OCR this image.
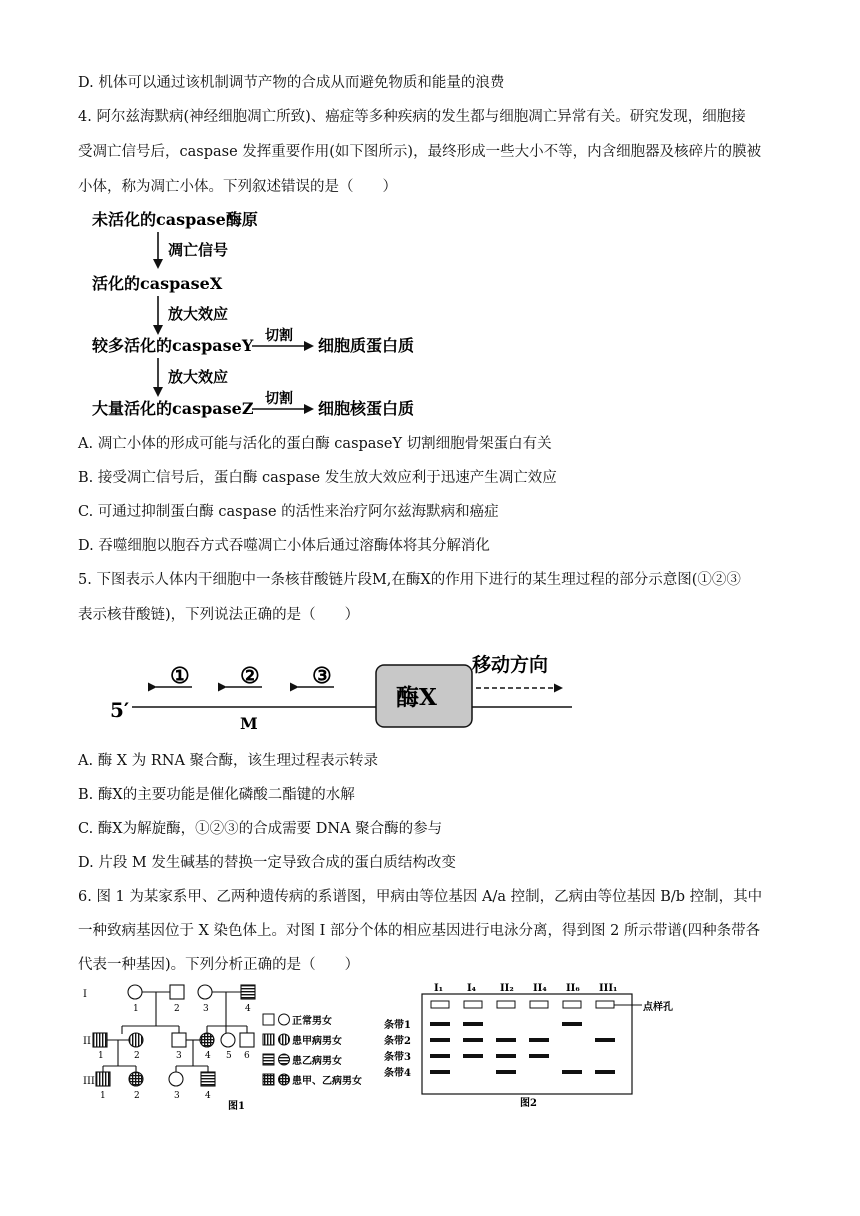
D. 机体可以通过该机制调节产物的合成从而避免物质和能量的浪费
4. 阿尔兹海默病(神经细胞凋亡所致)、癌症等多种疾病的发生都与细胞凋亡异常有关。研究发现，细胞接
受凋亡信号后，caspase 发挥重要作用(如下图所示)，最终形成一些大小不等，内含细胞器及核碎片的膜被
小体，称为凋亡小体。下列叙述错误的是（　　）
未活化的caspase酶原
凋亡信号
活化的caspaseX
放大效应
较多活化的caspaseY 切割 细胞质蛋白质
放大效应
大量活化的caspaseZ 切割 细胞核蛋白质
A. 凋亡小体的形成可能与活化的蛋白酶 caspaseY 切割细胞骨架蛋白有关
B. 接受凋亡信号后，蛋白酶 caspase 发生放大效应利于迅速产生凋亡效应
C. 可通过抑制蛋白酶 caspase 的活性来治疗阿尔兹海默病和癌症
D. 吞噬细胞以胞吞方式吞噬凋亡小体后通过溶酶体将其分解消化
5. 下图表示人体内干细胞中一条核苷酸链片段M,在酶X的作用下进行的某生理过程的部分示意图(①②③
表示核苷酸链)，下列说法正确的是（　　）
① ② ③
5′
M
酶X
移动方向
A. 酶 X 为 RNA 聚合酶，该生理过程表示转录
B. 酶X的主要功能是催化磷酸二酯键的水解
C. 酶X为解旋酶，①②③的合成需要 DNA 聚合酶的参与
D. 片段 M 发生碱基的替换一定导致合成的蛋白质结构改变
6. 图 1 为某家系甲、乙两种遗传病的系谱图，甲病由等位基因 A/a 控制，乙病由等位基因 B/b 控制，其中
一种致病基因位于 X 染色体上。对图 I 部分个体的相应基因进行电泳分离，得到图 2 所示带谱(四种条带各
代表一种基因)。下列分析正确的是（　　）
I
II
III
1	2	3	4
1	2	3	4 5 6
1	2	3	4
正常男女
患甲病男女
患乙病男女
患甲、乙病男女
图1
I₁ I₄ II₂ II₄ II₆ III₁
点样孔
条带1
条带2
条带3
条带4
图2
